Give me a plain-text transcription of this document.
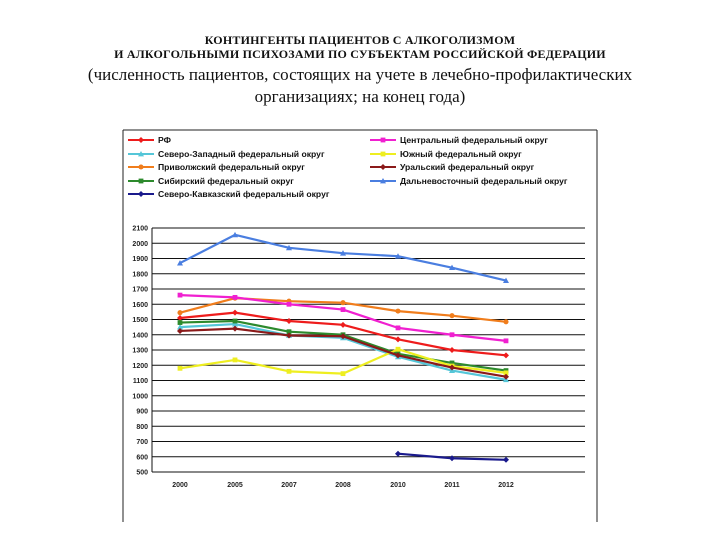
КОНТИНГЕНТЫ ПАЦИЕНТОВ С АЛКОГОЛИЗМОМ
И АЛКОГОЛЬНЫМИ ПСИХОЗАМИ ПО СУБЪЕКТАМ РОССИЙСКОЙ ФЕДЕРАЦИИ
(численность пациентов, состоящих на учете в лечебно-профилактических организациях; на конец года)
РФ
Северо-Западный федеральный округ
Приволжский федеральный округ
Сибирский федеральный округ
Северо-Кавказский федеральный округ
Центральный федеральный округ
Южный федеральный округ
Уральский федеральный округ
Дальневосточный федеральный округ
500
600
700
800
900
1000
1100
1200
1300
1400
1500
1600
1700
1800
1900
2000
2100
2000	2005	2007	2008	2010	2011	2012
